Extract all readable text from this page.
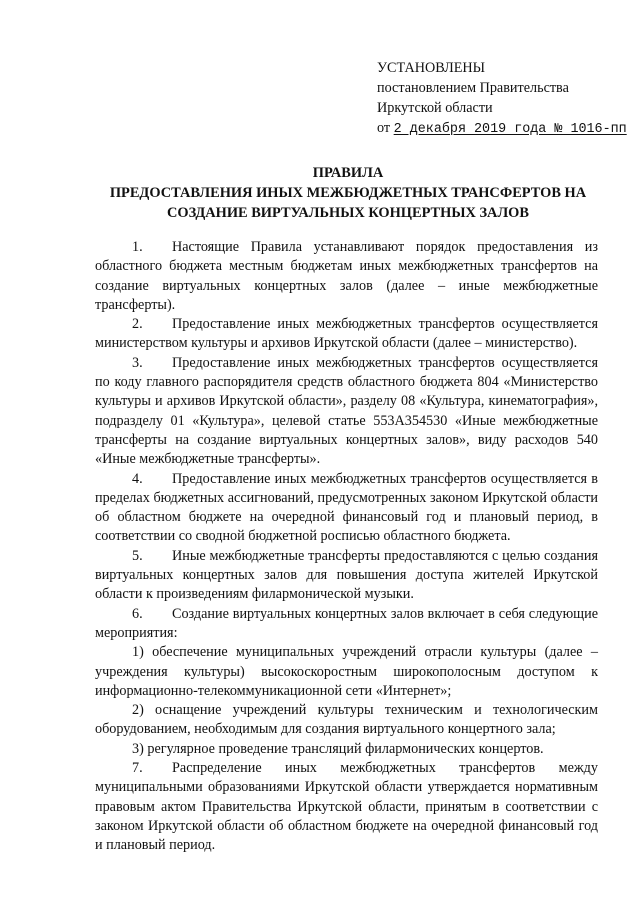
УСТАНОВЛЕНЫ
постановлением Правительства
Иркутской области
от 2 декабря 2019 года № 1016-пп
ПРАВИЛА
ПРЕДОСТАВЛЕНИЯ ИНЫХ МЕЖБЮДЖЕТНЫХ ТРАНСФЕРТОВ НА
СОЗДАНИЕ ВИРТУАЛЬНЫХ КОНЦЕРТНЫХ ЗАЛОВ

1. Настоящие Правила устанавливают порядок предоставления из областного бюджета местным бюджетам иных межбюджетных трансфертов на создание виртуальных концертных залов (далее – иные межбюджетные трансферты).

2. Предоставление иных межбюджетных трансфертов осуществляется министерством культуры и архивов Иркутской области (далее – министерство).

3. Предоставление иных межбюджетных трансфертов осуществляется по коду главного распорядителя средств областного бюджета 804 «Министерство культуры и архивов Иркутской области», разделу 08 «Культура, кинематография», подразделу 01 «Культура», целевой статье 553А354530 «Иные межбюджетные трансферты на создание виртуальных концертных залов», виду расходов 540 «Иные межбюджетные трансферты».

4. Предоставление иных межбюджетных трансфертов осуществляется в пределах бюджетных ассигнований, предусмотренных законом Иркутской области об областном бюджете на очередной финансовый год и плановый период, в соответствии со сводной бюджетной росписью областного бюджета.

5. Иные межбюджетные трансферты предоставляются с целью создания виртуальных концертных залов для повышения доступа жителей Иркутской области к произведениям филармонической музыки.

6. Создание виртуальных концертных залов включает в себя следующие мероприятия:

1) обеспечение муниципальных учреждений отрасли культуры (далее – учреждения культуры) высокоскоростным широкополосным доступом к информационно-телекоммуникационной сети «Интернет»;

2) оснащение учреждений культуры техническим и технологическим оборудованием, необходимым для создания виртуального концертного зала;

3) регулярное проведение трансляций филармонических концертов.

7. Распределение иных межбюджетных трансфертов между муниципальными образованиями Иркутской области утверждается нормативным правовым актом Правительства Иркутской области, принятым в соответствии с законом Иркутской области об областном бюджете на очередной финансовый год и плановый период.
